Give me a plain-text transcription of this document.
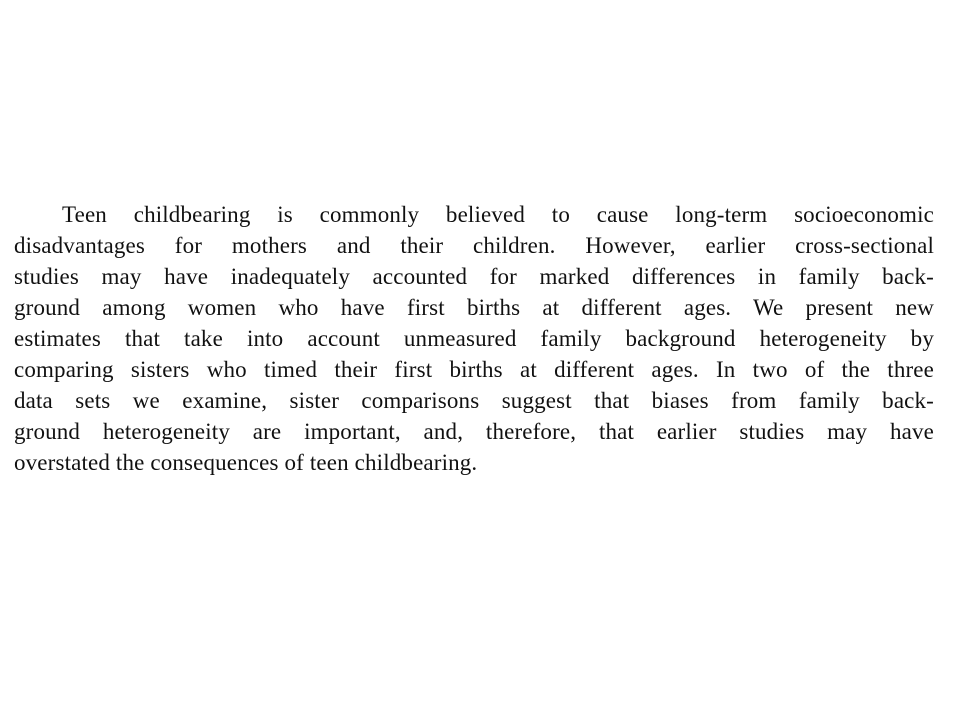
Teen childbearing is commonly believed to cause long-term socioeconomic
disadvantages for mothers and their children. However, earlier cross-sectional
studies may have inadequately accounted for marked differences in family back-
ground among women who have first births at different ages. We present new
estimates that take into account unmeasured family background heterogeneity by
comparing sisters who timed their first births at different ages. In two of the three
data sets we examine, sister comparisons suggest that biases from family back-
ground heterogeneity are important, and, therefore, that earlier studies may have
overstated the consequences of teen childbearing.
